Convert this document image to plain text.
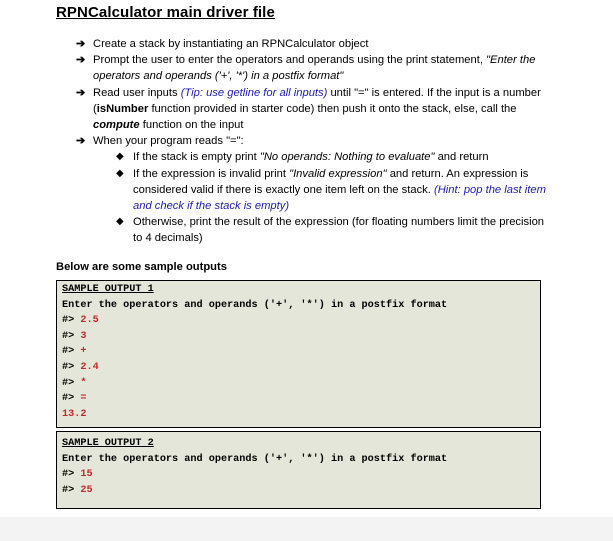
RPNCalculator main driver file
➔ Create a stack by instantiating an RPNCalculator object
➔ Prompt the user to enter the operators and operands using the print statement, "Enter the operators and operands ('+', '*') in a postfix format"
➔ Read user inputs (Tip: use getline for all inputs) until "=" is entered. If the input is a number (isNumber function provided in starter code) then push it onto the stack, else, call the compute function on the input
➔ When your program reads "=":
◆ If the stack is empty print "No operands: Nothing to evaluate" and return
◆ If the expression is invalid print "Invalid expression" and return. An expression is considered valid if there is exactly one item left on the stack. (Hint: pop the last item and check if the stack is empty)
◆ Otherwise, print the result of the expression (for floating numbers limit the precision to 4 decimals)
Below are some sample outputs
SAMPLE OUTPUT 1
Enter the operators and operands ('+', '*') in a postfix format
#> 2.5
#> 3
#> +
#> 2.4
#> *
#> =
13.2
SAMPLE OUTPUT 2
Enter the operators and operands ('+', '*') in a postfix format
#> 15
#> 25
